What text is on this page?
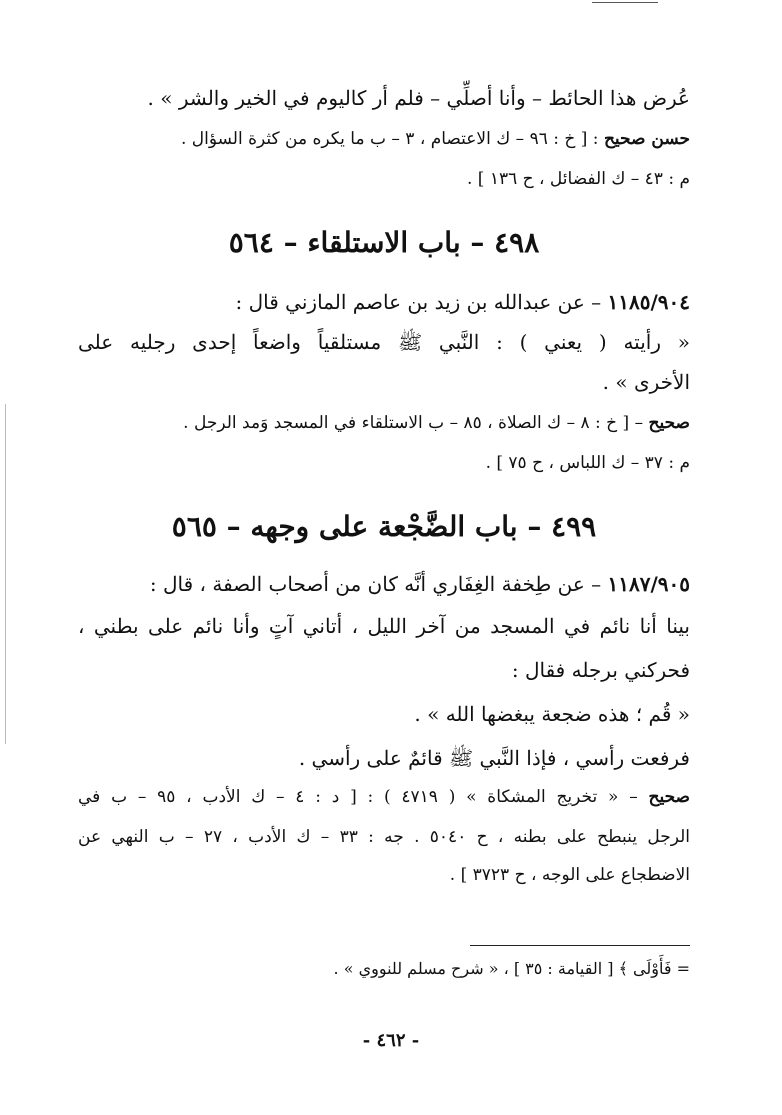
عُرض هذا الحائط – وأنا أصلِّي – فلم أر كاليوم في الخير والشر » .
حسن صحيح : [ خ : ٩٦ – ك الاعتصام ، ٣ – ب ما يكره من كثرة السؤال .
م : ٤٣ – ك الفضائل ، ح ١٣٦ ] .
٤٩٨ – باب الاستلقاء – ٥٦٤
١١٨٥/٩٠٤ – عن عبدالله بن زيد بن عاصم المازني قال :
« رأيته ( يعني ) : النَّبي ﷺ مستلقياً واضعاً إحدى رجليه على
الأخرى » .
صحيح – [ خ : ٨ – ك الصلاة ، ٨٥ – ب الاستلقاء في المسجد وَمد الرجل .
م : ٣٧ – ك اللباس ، ح ٧٥ ] .
٤٩٩ – باب الضَّجْعة على وجهه – ٥٦٥
١١٨٧/٩٠٥ – عن طِخفة الغِفَاري أنَّه كان من أصحاب الصفة ، قال :
بينا أنا نائم في المسجد من آخر الليل ، أتاني آتٍ وأنا نائم على بطني ،
فحركني برجله فقال :
« قُم ؛ هذه ضجعة يبغضها الله » .
فرفعت رأسي ، فإذا النَّبي ﷺ قائمٌ على رأسي .
صحيح – « تخريج المشكاة » ( ٤٧١٩ ) : [ د : ٤ – ك الأدب ، ٩٥ – ب في
الرجل ينبطح على بطنه ، ح ٥٠٤٠ . جه : ٣٣ – ك الأدب ، ٢٧ – ب النهي عن
الاضطجاع على الوجه ، ح ٣٧٢٣ ] .
= فَأَوْلَى ﴾ [ القيامة : ٣٥ ] ، « شرح مسلم للنووي » .
- ٤٦٢ -
